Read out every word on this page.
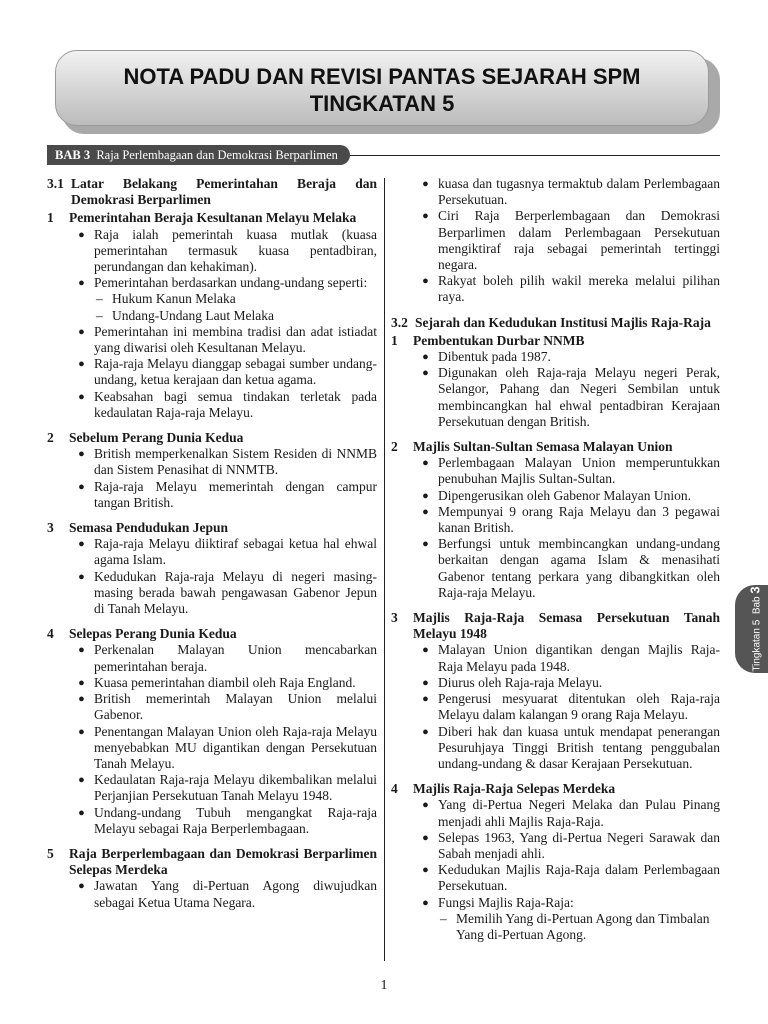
NOTA PADU DAN REVISI PANTAS SEJARAH SPM
TINGKATAN 5
BAB 3 Raja Perlembagaan dan Demokrasi Berparlimen
3.1 Latar Belakang Pemerintahan Beraja dan Demokrasi Berparlimen
1	Pemerintahan Beraja Kesultanan Melayu Melaka
● Raja ialah pemerintah kuasa mutlak (kuasa pemerintahan termasuk kuasa pentadbiran, perundangan dan kehakiman).
● Pemerintahan berdasarkan undang-undang seperti:
– Hukum Kanun Melaka
– Undang-Undang Laut Melaka
● Pemerintahan ini membina tradisi dan adat istiadat yang diwarisi oleh Kesultanan Melayu.
● Raja-raja Melayu dianggap sebagai sumber undang-undang, ketua kerajaan dan ketua agama.
● Keabsahan bagi semua tindakan terletak pada kedaulatan Raja-raja Melayu.
2	Sebelum Perang Dunia Kedua
● British memperkenalkan Sistem Residen di NNMB dan Sistem Penasihat di NNMTB.
● Raja-raja Melayu memerintah dengan campur tangan British.
3	Semasa Pendudukan Jepun
● Raja-raja Melayu diiktiraf sebagai ketua hal ehwal agama Islam.
● Kedudukan Raja-raja Melayu di negeri masing-masing berada bawah pengawasan Gabenor Jepun di Tanah Melayu.
4	Selepas Perang Dunia Kedua
● Perkenalan Malayan Union mencabarkan pemerintahan beraja.
● Kuasa pemerintahan diambil oleh Raja England.
● British memerintah Malayan Union melalui Gabenor.
● Penentangan Malayan Union oleh Raja-raja Melayu menyebabkan MU digantikan dengan Persekutuan Tanah Melayu.
● Kedaulatan Raja-raja Melayu dikembalikan melalui Perjanjian Persekutuan Tanah Melayu 1948.
● Undang-undang Tubuh mengangkat Raja-raja Melayu sebagai Raja Berperlembagaan.
5	Raja Berperlembagaan dan Demokrasi Berparlimen Selepas Merdeka
● Jawatan Yang di-Pertuan Agong diwujudkan sebagai Ketua Utama Negara.
● kuasa dan tugasnya termaktub dalam Perlembagaan Persekutuan.
● Ciri Raja Berperlembagaan dan Demokrasi Berparlimen dalam Perlembagaan Persekutuan mengiktiraf raja sebagai pemerintah tertinggi negara.
● Rakyat boleh pilih wakil mereka melalui pilihan raya.
3.2 Sejarah dan Kedudukan Institusi Majlis Raja-Raja
1	Pembentukan Durbar NNMB
● Dibentuk pada 1987.
● Digunakan oleh Raja-raja Melayu negeri Perak, Selangor, Pahang dan Negeri Sembilan untuk membincangkan hal ehwal pentadbiran Kerajaan Persekutuan dengan British.
2	Majlis Sultan-Sultan Semasa Malayan Union
● Perlembagaan Malayan Union memperuntukkan penubuhan Majlis Sultan-Sultan.
● Dipengerusikan oleh Gabenor Malayan Union.
● Mempunyai 9 orang Raja Melayu dan 3 pegawai kanan British.
● Berfungsi untuk membincangkan undang-undang berkaitan dengan agama Islam & menasihati Gabenor tentang perkara yang dibangkitkan oleh Raja-raja Melayu.
3	Majlis Raja-Raja Semasa Persekutuan Tanah Melayu 1948
● Malayan Union digantikan dengan Majlis Raja-Raja Melayu pada 1948.
● Diurus oleh Raja-raja Melayu.
● Pengerusi mesyuarat ditentukan oleh Raja-raja Melayu dalam kalangan 9 orang Raja Melayu.
● Diberi hak dan kuasa untuk mendapat penerangan Pesuruhjaya Tinggi British tentang penggubalan undang-undang & dasar Kerajaan Persekutuan.
4	Majlis Raja-Raja Selepas Merdeka
● Yang di-Pertua Negeri Melaka dan Pulau Pinang menjadi ahli Majlis Raja-Raja.
● Selepas 1963, Yang di-Pertua Negeri Sarawak dan Sabah menjadi ahli.
● Kedudukan Majlis Raja-Raja dalam Perlembagaan Persekutuan.
● Fungsi Majlis Raja-Raja:
– Memilih Yang di-Pertuan Agong dan Timbalan Yang di-Pertuan Agong.
Tingkatan 5  Bab 3
1
